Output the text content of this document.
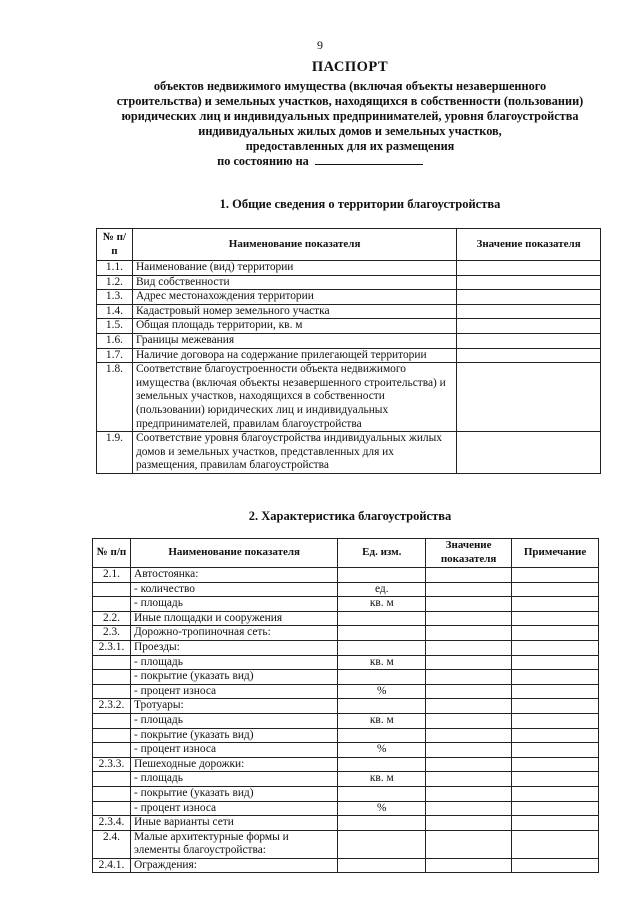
9
ПАСПОРТ
объектов недвижимого имущества (включая объекты незавершенного
строительства) и земельных участков, находящихся в собственности (пользовании)
юридических лиц и индивидуальных предпринимателей, уровня благоустройства
индивидуальных жилых домов и земельных участков,
предоставленных для их размещения
по состоянию на
1. Общие сведения о территории благоустройства
№ п/п	Наименование показателя	Значение показателя
1.1.	Наименование (вид) территории	
1.2.	Вид собственности	
1.3.	Адрес местонахождения территории	
1.4.	Кадастровый номер земельного участка	
1.5.	Общая площадь территории, кв. м	
1.6.	Границы межевания	
1.7.	Наличие договора на содержание прилегающей территории	
1.8.	Соответствие благоустроенности объекта недвижимого имущества (включая объекты незавершенного строительства) и земельных участков, находящихся в собственности (пользовании) юридических лиц и индивидуальных предпринимателей, правилам благоустройства	
1.9.	Соответствие уровня благоустройства индивидуальных жилых домов и земельных участков, представленных для их размещения, правилам благоустройства	
2. Характеристика благоустройства
№ п/п	Наименование показателя	Ед. изм.	Значение показателя	Примечание
2.1.	Автостоянка:			
	- количество	ед.		
	- площадь	кв. м		
2.2.	Иные площадки и сооружения			
2.3.	Дорожно-тропиночная сеть:			
2.3.1.	Проезды:			
	- площадь	кв. м		
	- покрытие (указать вид)			
	- процент износа	%		
2.3.2.	Тротуары:			
	- площадь	кв. м		
	- покрытие (указать вид)			
	- процент износа	%		
2.3.3.	Пешеходные дорожки:			
	- площадь	кв. м		
	- покрытие (указать вид)			
	- процент износа	%		
2.3.4.	Иные варианты сети			
2.4.	Малые архитектурные формы и элементы благоустройства:			
2.4.1.	Ограждения:			
